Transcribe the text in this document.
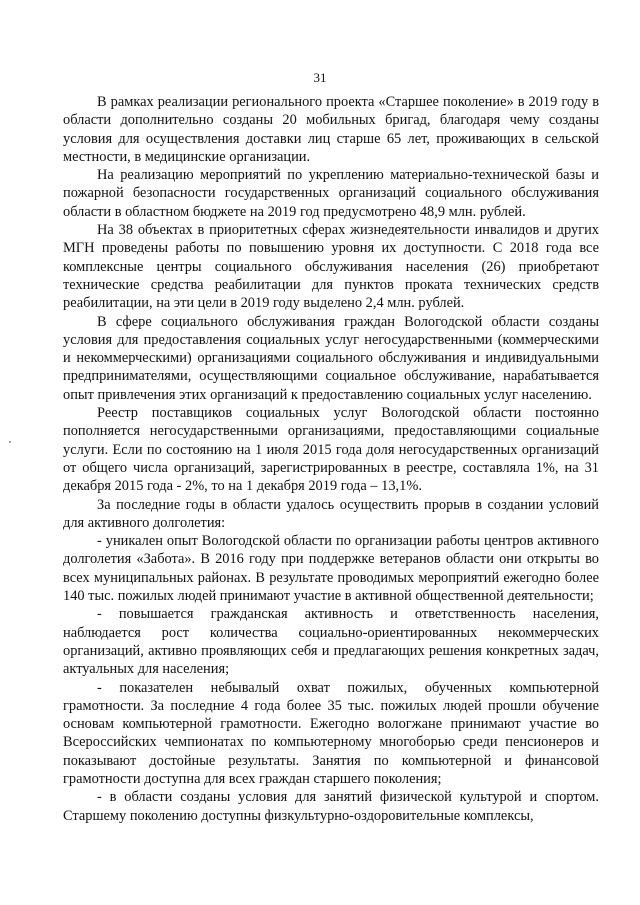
31

В рамках реализации регионального проекта «Старшее поколение» в 2019 году в области дополнительно созданы 20 мобильных бригад, благодаря чему созданы условия для осуществления доставки лиц старше 65 лет, проживающих в сельской местности, в медицинские организации.

На реализацию мероприятий по укреплению материально-технической базы и пожарной безопасности государственных организаций социального обслуживания области в областном бюджете на 2019 год предусмотрено 48,9 млн. рублей.

На 38 объектах в приоритетных сферах жизнедеятельности инвалидов и других МГН проведены работы по повышению уровня их доступности. С 2018 года все комплексные центры социального обслуживания населения (26) приобретают технические средства реабилитации для пунктов проката технических средств реабилитации, на эти цели в 2019 году выделено 2,4 млн. рублей.

В сфере социального обслуживания граждан Вологодской области созданы условия для предоставления социальных услуг негосударственными (коммерческими и некоммерческими) организациями социального обслуживания и индивидуальными предпринимателями, осуществляющими социальное обслуживание, нарабатывается опыт привлечения этих организаций к предоставлению социальных услуг населению.

Реестр поставщиков социальных услуг Вологодской области постоянно пополняется негосударственными организациями, предоставляющими социальные услуги. Если по состоянию на 1 июля 2015 года доля негосударственных организаций от общего числа организаций, зарегистрированных в реестре, составляла 1%, на 31 декабря 2015 года - 2%, то на 1 декабря 2019 года – 13,1%.

За последние годы в области удалось осуществить прорыв в создании условий для активного долголетия:

- уникален опыт Вологодской области по организации работы центров активного долголетия «Забота». В 2016 году при поддержке ветеранов области они открыты во всех муниципальных районах. В результате проводимых мероприятий ежегодно более 140 тыс. пожилых людей принимают участие в активной общественной деятельности;

- повышается гражданская активность и ответственность населения, наблюдается рост количества социально-ориентированных некоммерческих организаций, активно проявляющих себя и предлагающих решения конкретных задач, актуальных для населения;

- показателен небывалый охват пожилых, обученных компьютерной грамотности. За последние 4 года более 35 тыс. пожилых людей прошли обучение основам компьютерной грамотности. Ежегодно вологжане принимают участие во Всероссийских чемпионатах по компьютерному многоборью среди пенсионеров и показывают достойные результаты. Занятия по компьютерной и финансовой грамотности доступна для всех граждан старшего поколения;

- в области созданы условия для занятий физической культурой и спортом. Старшему поколению доступны физкультурно-оздоровительные комплексы,
